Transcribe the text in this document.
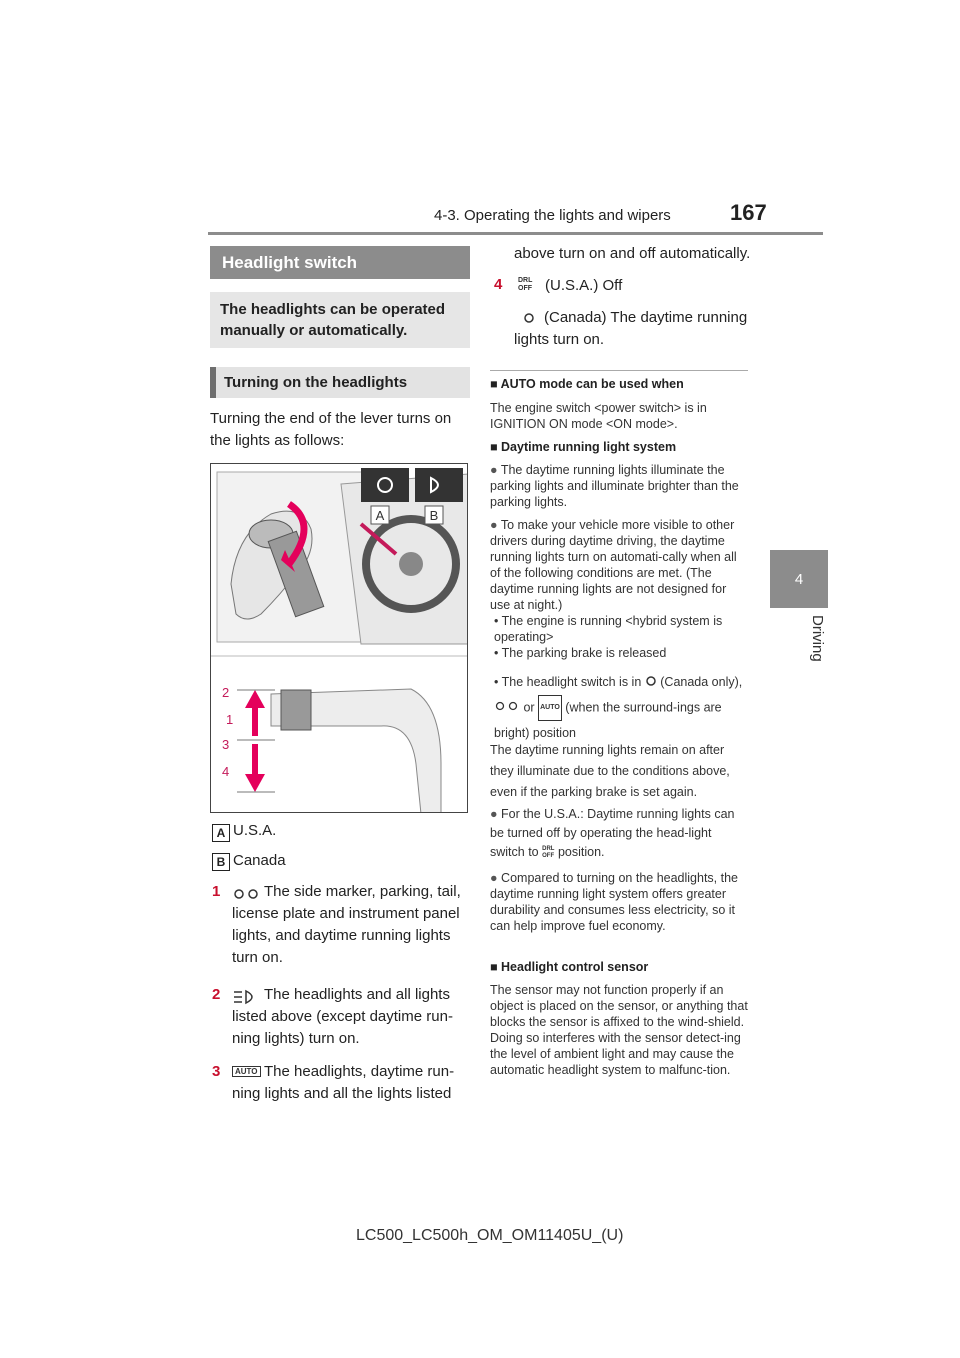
4-3. Operating the lights and wipers	167
4
Driving
Headlight switch
The headlights can be operated manually or automatically.
Turning on the headlights
Turning the end of the lever turns on the lights as follows:
A	B
2
1
3
4
A U.S.A.
B Canada
1	The side marker, parking, tail, license plate and instrument panel lights, and daytime running lights turn on.
2	The headlights and all lights listed above (except daytime run-ning lights) turn on.
3	AUTO The headlights, daytime run-ning lights and all the lights listed
above turn on and off automatically.
4 DRL
OFF (U.S.A.) Off
(Canada) The daytime running lights turn on.
■ AUTO mode can be used when
The engine switch <power switch> is in IGNITION ON mode <ON mode>.
■ Daytime running light system
● The daytime running lights illuminate the parking lights and illuminate brighter than the parking lights.
● To make your vehicle more visible to other drivers during daytime driving, the daytime running lights turn on automati-cally when all of the following conditions are met. (The daytime running lights are not designed for use at night.)
• The engine is running <hybrid system is operating>
• The parking brake is released
• The headlight switch is in (Canada only),  or AUTO (when the surround-ings are bright) position
The daytime running lights remain on after they illuminate due to the conditions above, even if the parking brake is set again.
● For the U.S.A.: Daytime running lights can be turned off by operating the head-light switch to DRL
OFF position.
● Compared to turning on the headlights, the daytime running light system offers greater durability and consumes less electricity, so it can help improve fuel economy.
■ Headlight control sensor
The sensor may not function properly if an object is placed on the sensor, or anything that blocks the sensor is affixed to the wind-shield. Doing so interferes with the sensor detect-ing the level of ambient light and may cause the automatic headlight system to malfunc-tion.
LC500_LC500h_OM_OM11405U_(U)
